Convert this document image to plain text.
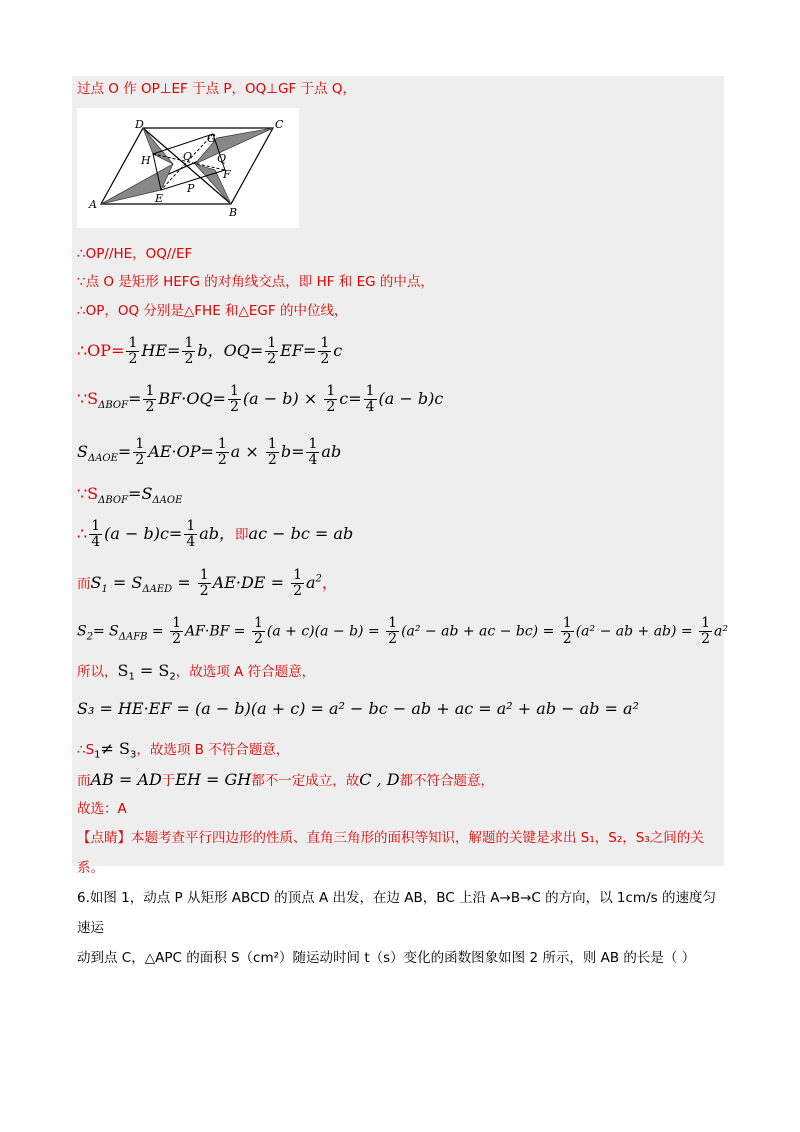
过点 O 作 OP⊥EF 于点 P，OQ⊥GF 于点 Q，
A
B
C
D
E
F
G
H	O
P
Q
∴OP//HE，OQ//EF
∵点 O 是矩形 HEFG 的对角线交点，即 HF 和 EG 的中点，
∴OP，OQ 分别是△FHE 和△EGF 的中位线，
∴OP= $\frac{1}{2} HE= \frac{1}{2}$ b，$OQ= \frac{1}{2} EF= \frac{1}{2}$ c
$\because S_{\Delta BOF}= \frac{1}{2} BF\cdot OQ= \frac{1}{2} (a - b) \times \frac{1}{2} c= \frac{1}{4} (a - b)c$
$S_{\Delta AOE}= \frac{1}{2} AE\cdot OP= \frac{1}{2}$ $a \times \frac{1}{2} b= \frac{1}{4}$ ab
$\because S_{\Delta BOF}=S_{\Delta AOE}$
∴ $\frac{1}{4} (a - b)c= \frac{1}{4}$ ab，即ac − bc = ab
而$S_1 = S_{\Delta AED} = \frac{1}{2} AE\cdot DE = \frac{1}{2} a^2$，
$S_2= S_{\Delta AFB} = \frac{1}{2} AF\cdot BF = \frac{1}{2} (a + c)(a - b) = \frac{1}{2} (a^2$ − ab + ac − $bc) = \frac{1}{2} (a^2$ − ab + $ab) = \frac{1}{2} a^2$
所以，$S_1 = S_2$，故选项 A 符合题意，
S₃ = HE·EF = (a − b)(a + c) = a² − bc − ab + ac = a² + ab − ab = a²
$\therefore S_1\ne S_3$，故选项 B 不符合题意，
而AB = AD于EH = GH都不一定成立，故C , D都不符合题意，
故选：A
【点睛】本题考查平行四边形的性质、直角三角形的面积等知识，解题的关键是求出 S₁，S₂，S₃之间的关
系。
6.如图 1，动点 P 从矩形 ABCD 的顶点 A 出发，在边 AB，BC 上沿 A→B→C 的方向，以 1cm/s 的速度匀速运
动到点 C，△APC 的面积 S（cm²）随运动时间 t（s）变化的函数图象如图 2 所示，则 AB 的长是（ ）
